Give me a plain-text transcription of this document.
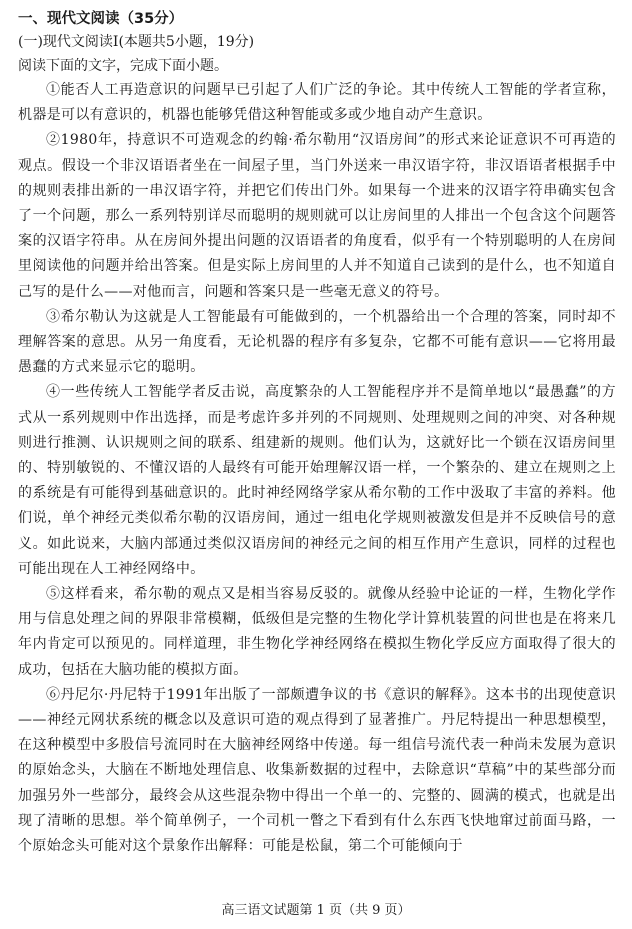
一、现代文阅读（35分）

(一)现代文阅读Ⅰ(本题共5小题，19分)

阅读下面的文字，完成下面小题。

①能否人工再造意识的问题早已引起了人们广泛的争论。其中传统人工智能的学者宣称，机器是可以有意识的，机器也能够凭借这种智能或多或少地自动产生意识。

②1980年，持意识不可造观念的约翰·希尔勒用“汉语房间”的形式来论证意识不可再造的观点。假设一个非汉语语者坐在一间屋子里，当门外送来一串汉语字符，非汉语语者根据手中的规则表排出新的一串汉语字符，并把它们传出门外。如果每一个进来的汉语字符串确实包含了一个问题，那么一系列特别详尽而聪明的规则就可以让房间里的人排出一个包含这个问题答案的汉语字符串。从在房间外提出问题的汉语语者的角度看，似乎有一个特别聪明的人在房间里阅读他的问题并给出答案。但是实际上房间里的人并不知道自己读到的是什么，也不知道自己写的是什么——对他而言，问题和答案只是一些毫无意义的符号。

③希尔勒认为这就是人工智能最有可能做到的，一个机器给出一个合理的答案，同时却不理解答案的意思。从另一角度看，无论机器的程序有多复杂，它都不可能有意识——它将用最愚蠢的方式来显示它的聪明。

④一些传统人工智能学者反击说，高度繁杂的人工智能程序并不是简单地以“最愚蠢”的方式从一系列规则中作出选择，而是考虑许多并列的不同规则、处理规则之间的冲突、对各种规则进行推测、认识规则之间的联系、组建新的规则。他们认为，这就好比一个锁在汉语房间里的、特别敏锐的、不懂汉语的人最终有可能开始理解汉语一样，一个繁杂的、建立在规则之上的系统是有可能得到基础意识的。此时神经网络学家从希尔勒的工作中汲取了丰富的养料。他们说，单个神经元类似希尔勒的汉语房间，通过一组电化学规则被激发但是并不反映信号的意义。如此说来，大脑内部通过类似汉语房间的神经元之间的相互作用产生意识，同样的过程也可能出现在人工神经网络中。

⑤这样看来，希尔勒的观点又是相当容易反驳的。就像从经验中论证的一样，生物化学作用与信息处理之间的界限非常模糊，低级但是完整的生物化学计算机装置的问世也是在将来几年内肯定可以预见的。同样道理，非生物化学神经网络在模拟生物化学反应方面取得了很大的成功，包括在大脑功能的模拟方面。

⑥丹尼尔·丹尼特于1991年出版了一部颇遭争议的书《意识的解释》。这本书的出现使意识——神经元网状系统的概念以及意识可造的观点得到了显著推广。丹尼特提出一种思想模型，在这种模型中多股信号流同时在大脑神经网络中传递。每一组信号流代表一种尚未发展为意识的原始念头，大脑在不断地处理信息、收集新数据的过程中，去除意识“草稿”中的某些部分而加强另外一些部分，最终会从这些混杂物中得出一个单一的、完整的、圆满的模式，也就是出现了清晰的思想。举个简单例子，一个司机一瞥之下看到有什么东西飞快地窜过前面马路，一个原始念头可能对这个景象作出解释：可能是松鼠，第二个可能倾向于

高三语文试题第 1 页（共 9 页）
